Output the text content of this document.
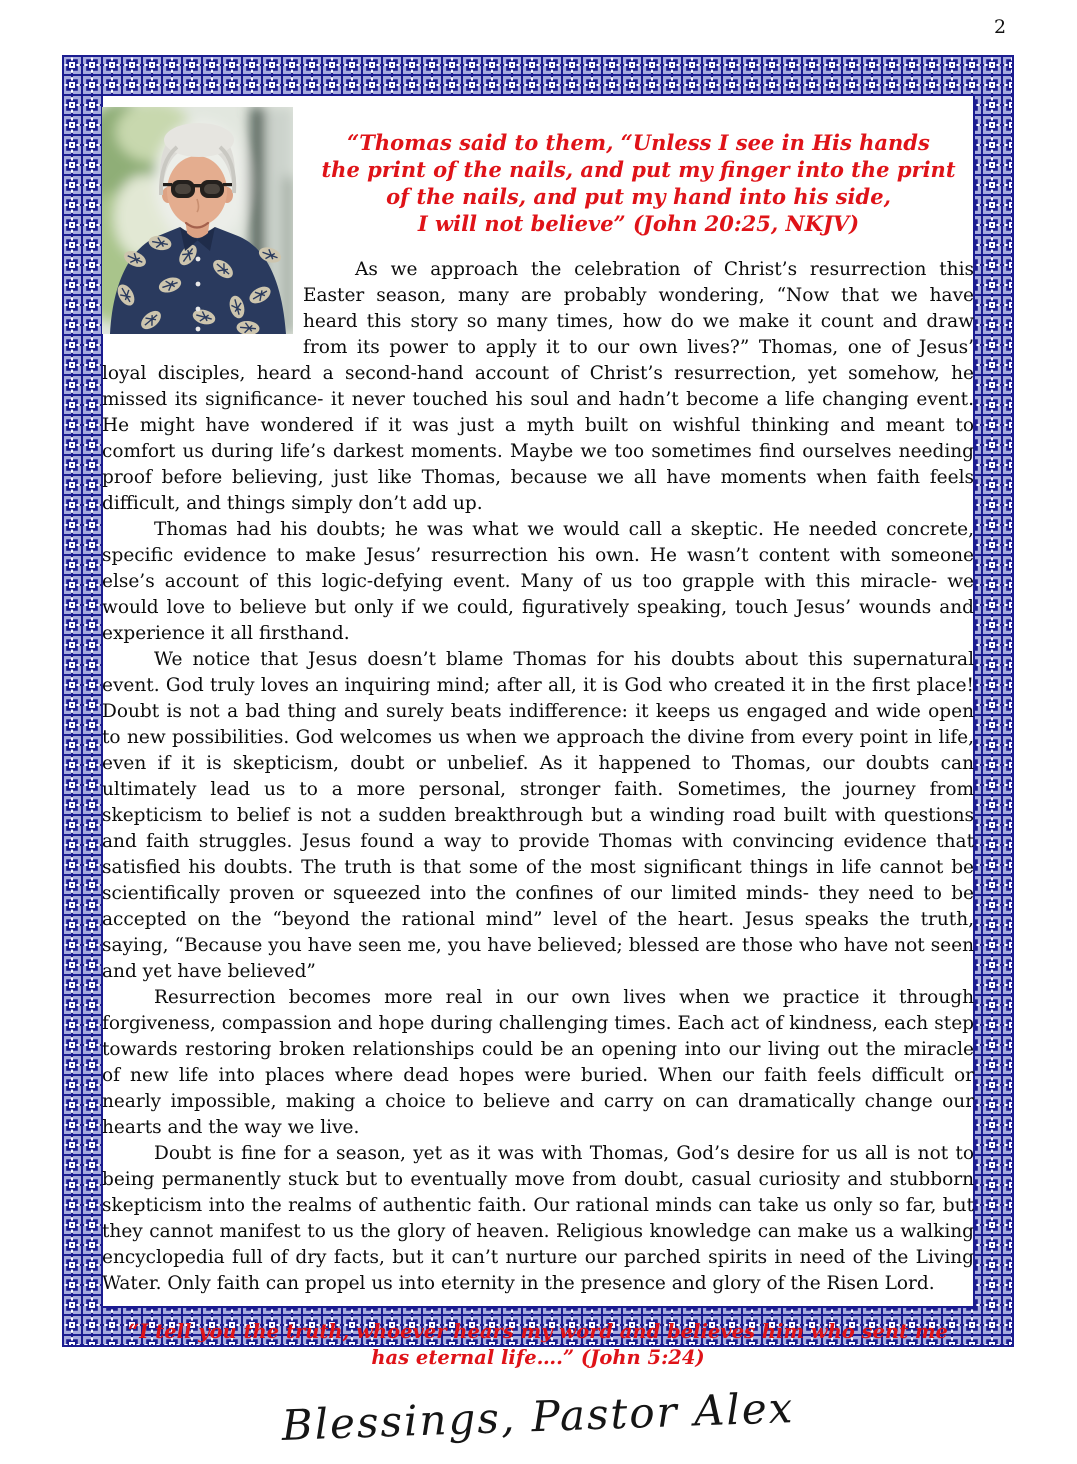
2
“Thomas said to them, “Unless I see in His hands
the print of the nails, and put my finger into the print
of the nails, and put my hand into his side,
I will not believe” (John 20:25, NKJV)

As we approach the celebration of Christ’s resurrection this Easter season, many are probably wondering, “Now that we have heard this story so many times, how do we make it count and draw from its power to apply it to our own lives?” Thomas, one of Jesus’ loyal disciples, heard a second-hand account of Christ’s resurrection, yet somehow, he missed its significance- it never touched his soul and hadn’t become a life changing event. He might have wondered if it was just a myth built on wishful thinking and meant to comfort us during life’s darkest moments. Maybe we too sometimes find ourselves needing proof before believing, just like Thomas, because we all have moments when faith feels difficult, and things simply don’t add up.

Thomas had his doubts; he was what we would call a skeptic. He needed concrete, specific evidence to make Jesus’ resurrection his own. He wasn’t content with someone else’s account of this logic-defying event. Many of us too grapple with this miracle- we would love to believe but only if we could, figuratively speaking, touch Jesus’ wounds and experience it all firsthand.

We notice that Jesus doesn’t blame Thomas for his doubts about this supernatural event. God truly loves an inquiring mind; after all, it is God who created it in the first place! Doubt is not a bad thing and surely beats indifference: it keeps us engaged and wide open to new possibilities. God welcomes us when we approach the divine from every point in life, even if it is skepticism, doubt or unbelief. As it happened to Thomas, our doubts can ultimately lead us to a more personal, stronger faith. Sometimes, the journey from skepticism to belief is not a sudden breakthrough but a winding road built with questions and faith struggles. Jesus found a way to provide Thomas with convincing evidence that satisfied his doubts. The truth is that some of the most significant things in life cannot be scientifically proven or squeezed into the confines of our limited minds- they need to be accepted on the “beyond the rational mind” level of the heart. Jesus speaks the truth, saying, “Because you have seen me, you have believed; blessed are those who have not seen and yet have believed”

Resurrection becomes more real in our own lives when we practice it through forgiveness, compassion and hope during challenging times. Each act of kindness, each step towards restoring broken relationships could be an opening into our living out the miracle of new life into places where dead hopes were buried. When our faith feels difficult or nearly impossible, making a choice to believe and carry on can dramatically change our hearts and the way we live.

Doubt is fine for a season, yet as it was with Thomas, God’s desire for us all is not to being permanently stuck but to eventually move from doubt, casual curiosity and stubborn skepticism into the realms of authentic faith. Our rational minds can take us only so far, but they cannot manifest to us the glory of heaven. Religious knowledge can make us a walking encyclopedia full of dry facts, but it can’t nurture our parched spirits in need of the Living Water. Only faith can propel us into eternity in the presence and glory of the Risen Lord.

“I tell you the truth, whoever hears my word and believes him who sent me
has eternal life….” (John 5:24)
Blessings, Pastor Alex
